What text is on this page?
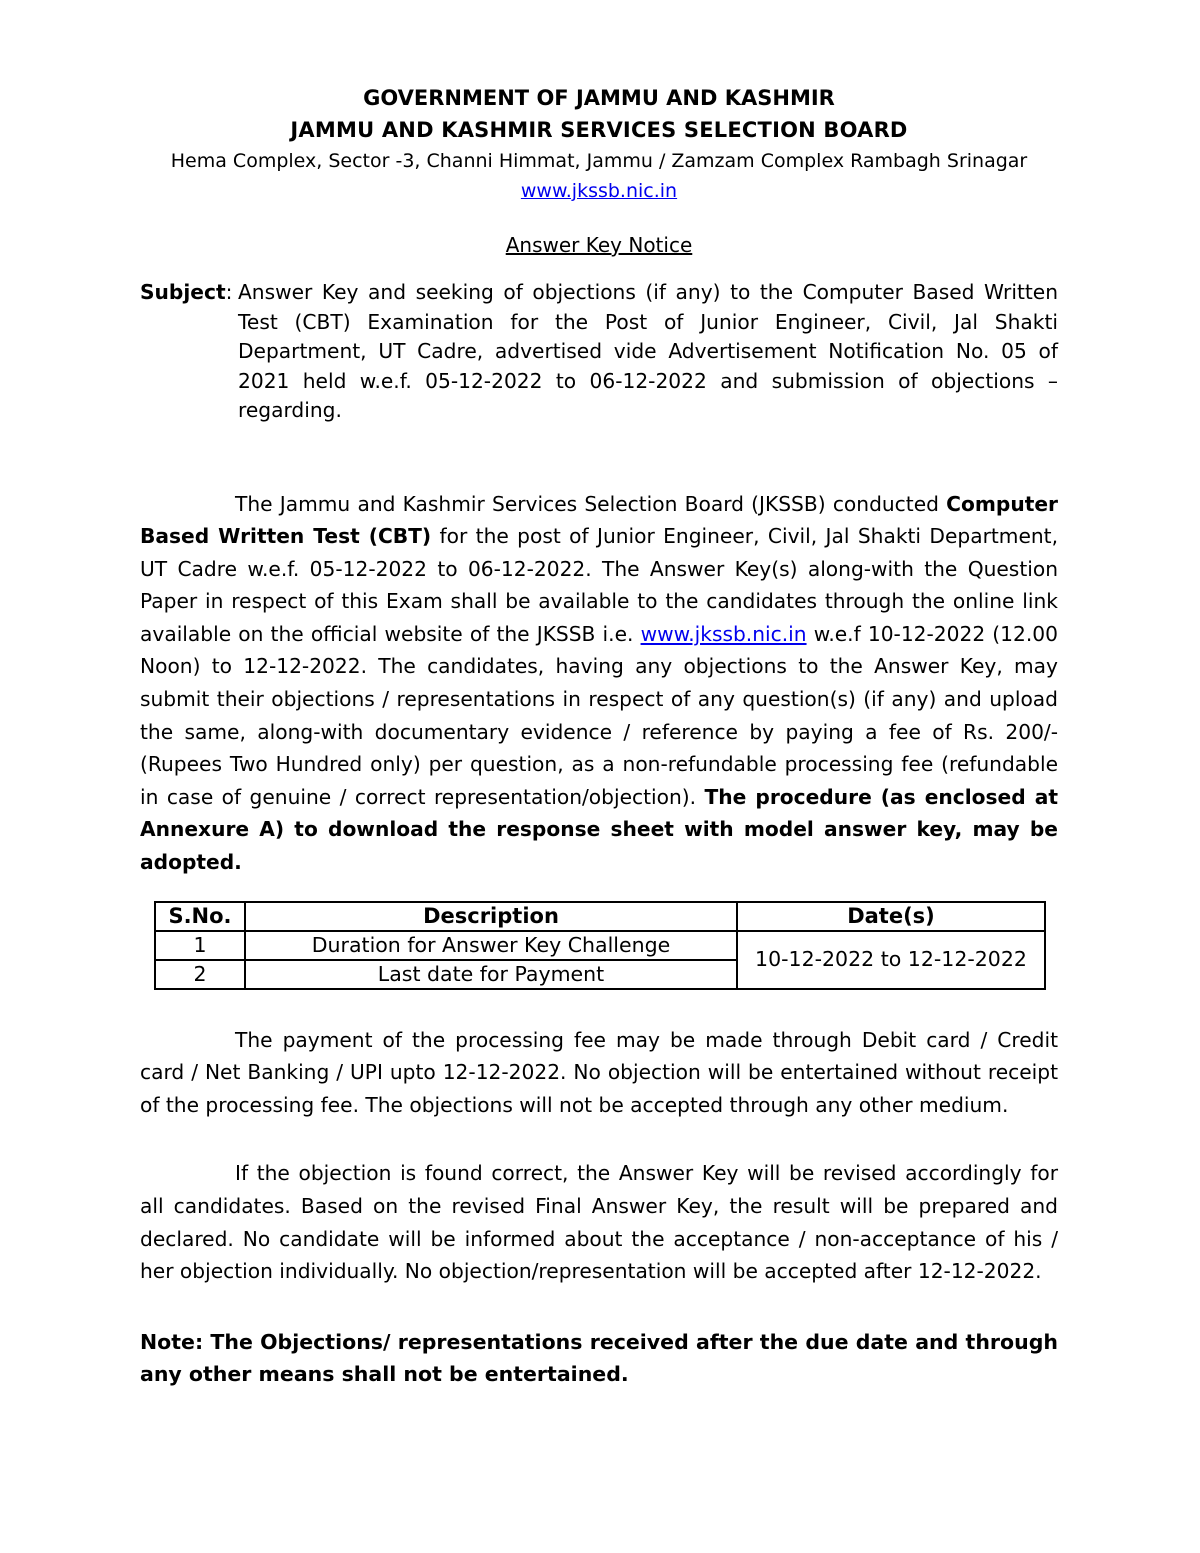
GOVERNMENT OF JAMMU AND KASHMIR
JAMMU AND KASHMIR SERVICES SELECTION BOARD
Hema Complex, Sector -3, Channi Himmat, Jammu / Zamzam Complex Rambagh Srinagar
www.jkssb.nic.in
Answer Key Notice
Subject: Answer Key and seeking of objections (if any) to the Computer Based Written Test (CBT) Examination for the Post of Junior Engineer, Civil, Jal Shakti Department, UT Cadre, advertised vide Advertisement Notification No. 05 of 2021 held w.e.f. 05-12-2022 to 06-12-2022 and submission of objections – regarding.

The Jammu and Kashmir Services Selection Board (JKSSB) conducted Computer Based Written Test (CBT) for the post of Junior Engineer, Civil, Jal Shakti Department, UT Cadre w.e.f. 05-12-2022 to 06-12-2022. The Answer Key(s) along-with the Question Paper in respect of this Exam shall be available to the candidates through the online link available on the official website of the JKSSB i.e. www.jkssb.nic.in w.e.f 10-12-2022 (12.00 Noon) to 12-12-2022. The candidates, having any objections to the Answer Key, may submit their objections / representations in respect of any question(s) (if any) and upload the same, along-with documentary evidence / reference by paying a fee of Rs. 200/- (Rupees Two Hundred only) per question, as a non-refundable processing fee (refundable in case of genuine / correct representation/objection). The procedure (as enclosed at Annexure A) to download the response sheet with model answer key, may be adopted.

S.No.	Description	Date(s)
1	Duration for Answer Key Challenge	10-12-2022 to 12-12-2022
2	Last date for Payment	

The payment of the processing fee may be made through Debit card / Credit card / Net Banking / UPI upto 12-12-2022. No objection will be entertained without receipt of the processing fee. The objections will not be accepted through any other medium.

If the objection is found correct, the Answer Key will be revised accordingly for all candidates. Based on the revised Final Answer Key, the result will be prepared and declared. No candidate will be informed about the acceptance / non-acceptance of his / her objection individually. No objection/representation will be accepted after 12-12-2022.

Note: The Objections/ representations received after the due date and through any other means shall not be entertained.
